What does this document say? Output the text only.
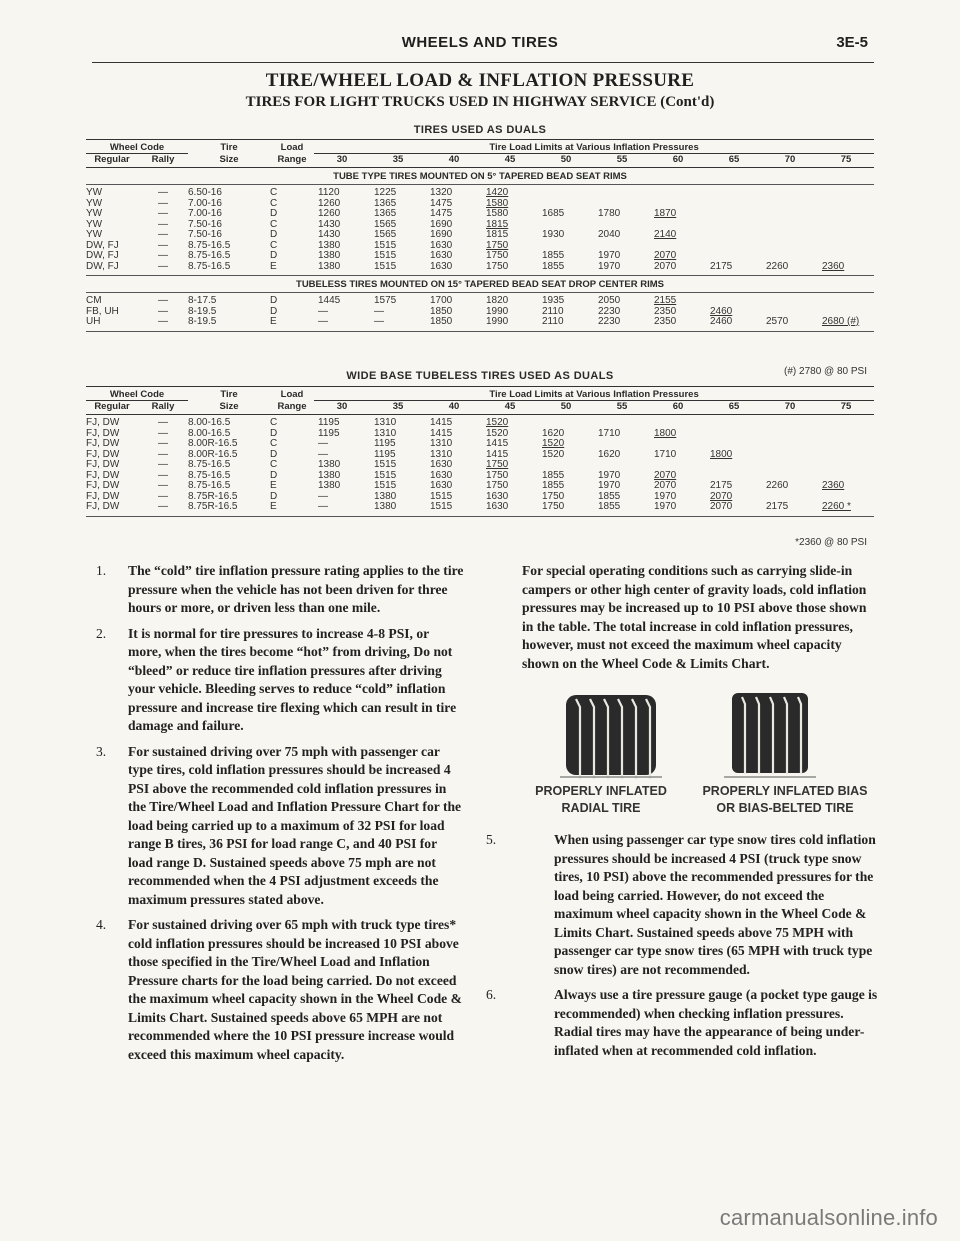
WHEELS AND TIRES	3E-5
TIRE/WHEEL LOAD & INFLATION PRESSURE
TIRES FOR LIGHT TRUCKS USED IN HIGHWAY SERVICE (Cont'd)
TIRES USED AS DUALS
Wheel Code		Tire	Load	Tire Load Limits at Various Inflation Pressures									
Regular	Rally	Size	Range	30	35	40	45	50	55	60	65	70	75
TUBE TYPE TIRES MOUNTED ON 5° TAPERED BEAD SEAT RIMS													
YW	—	6.50-16	C	1120	1225	1320	1420						
YW	—	7.00-16	C	1260	1365	1475	1580						
YW	—	7.00-16	D	1260	1365	1475	1580	1685	1780	1870			
YW	—	7.50-16	C	1430	1565	1690	1815						
YW	—	7.50-16	D	1430	1565	1690	1815	1930	2040	2140			
DW, FJ	—	8.75-16.5	C	1380	1515	1630	1750						
DW, FJ	—	8.75-16.5	D	1380	1515	1630	1750	1855	1970	2070			
DW, FJ	—	8.75-16.5	E	1380	1515	1630	1750	1855	1970	2070	2175	2260	2360
TUBELESS TIRES MOUNTED ON 15° TAPERED BEAD SEAT DROP CENTER RIMS													
CM	—	8-17.5	D	1445	1575	1700	1820	1935	2050	2155			
FB, UH	—	8-19.5	D	—	—	1850	1990	2110	2230	2350	2460		
UH	—	8-19.5	E	—	—	1850	1990	2110	2230	2350	2460	2570	2680 (#)
(#) 2780 @ 80 PSI
WIDE BASE TUBELESS TIRES USED AS DUALS
Wheel Code		Tire	Load	Tire Load Limits at Various Inflation Pressures									
Regular	Rally	Size	Range	30	35	40	45	50	55	60	65	70	75
FJ, DW	—	8.00-16.5	C	1195	1310	1415	1520						
FJ, DW	—	8.00-16.5	D	1195	1310	1415	1520	1620	1710	1800			
FJ, DW	—	8.00R-16.5	C	—	1195	1310	1415	1520					
FJ, DW	—	8.00R-16.5	D	—	1195	1310	1415	1520	1620	1710	1800		
FJ, DW	—	8.75-16.5	C	1380	1515	1630	1750						
FJ, DW	—	8.75-16.5	D	1380	1515	1630	1750	1855	1970	2070			
FJ, DW	—	8.75-16.5	E	1380	1515	1630	1750	1855	1970	2070	2175	2260	2360
FJ, DW	—	8.75R-16.5	D	—	1380	1515	1630	1750	1855	1970	2070		
FJ, DW	—	8.75R-16.5	E	—	1380	1515	1630	1750	1855	1970	2070	2175	2260 *
*2360 @ 80 PSI
1. The “cold” tire inflation pressure rating applies to the tire pressure when the vehicle has not been driven for three hours or more, or driven less than one mile.
2. It is normal for tire pressures to increase 4-8 PSI, or more, when the tires become “hot” from driving, Do not “bleed” or reduce tire inflation pressures after driving your vehicle. Bleeding serves to reduce “cold” inflation pressure and increase tire flexing which can result in tire damage and failure.
3. For sustained driving over 75 mph with passenger car type tires, cold inflation pressures should be increased 4 PSI above the recommended cold inflation pressures in the Tire/Wheel Load and Inflation Pressure Chart for the load being carried up to a maximum of 32 PSI for load range B tires, 36 PSI for load range C, and 40 PSI for load range D. Sustained speeds above 75 mph are not recommended when the 4 PSI adjustment exceeds the maximum pressures stated above.
4. For sustained driving over 65 mph with truck type tires* cold inflation pressures should be increased 10 PSI above those specified in the Tire/Wheel Load and Inflation Pressure charts for the load being carried. Do not exceed the maximum wheel capacity shown in the Wheel Code & Limits Chart. Sustained speeds above 65 MPH are not recommended where the 10 PSI pressure increase would exceed this maximum wheel capacity.

For special operating conditions such as carrying slide-in campers or other high center of gravity loads, cold inflation pressures may be increased up to 10 PSI above those shown in the table. The total increase in cold inflation pressures, however, must not exceed the maximum wheel capacity shown on the Wheel Code & Limits Chart.

PROPERLY INFLATED
RADIAL TIRE
PROPERLY INFLATED BIAS
OR BIAS-BELTED TIRE
5.	When using passenger car type snow tires cold inflation pressures should be increased 4 PSI (truck type snow tires, 10 PSI) above the recommended pressures for the load being carried. However, do not exceed the maximum wheel capacity shown in the Wheel Code & Limits Chart. Sustained speeds above 75 MPH with passenger car type snow tires (65 MPH with truck type snow tires) are not recommended.
6.	Always use a tire pressure gauge (a pocket type gauge is recommended) when checking inflation pressures. Radial tires may have the appearance of being under-inflated when at recommended cold inflation.
carmanualsonline.info
